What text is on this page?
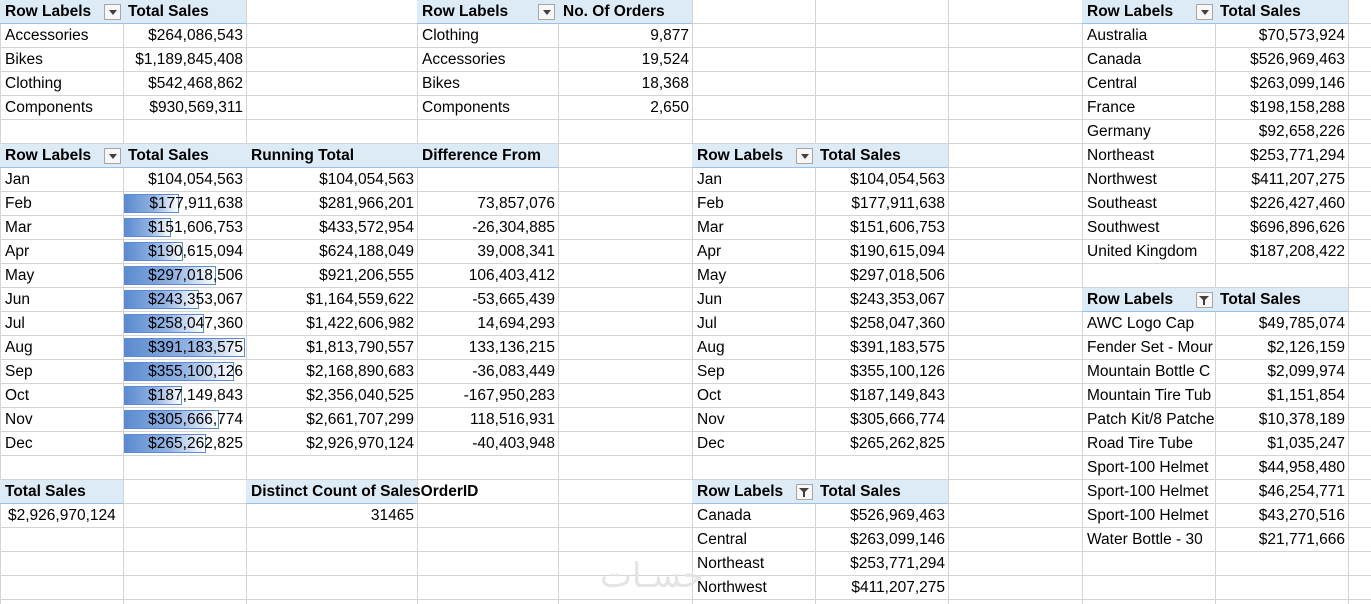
Row Labels	Total Sales
Accessories	$264,086,543
Bikes	$1,189,845,408
Clothing	$542,468,862
Components	$930,569,311
Row Labels	No. Of Orders
Clothing	9,877
Accessories	19,524
Bikes	18,368
Components	2,650
Row Labels	Total Sales	Running Total	Difference From
Jan	$104,054,563	$104,054,563
Feb	$177,911,638	$281,966,201	73,857,076
Mar	$151,606,753	$433,572,954	-26,304,885
Apr	$190,615,094	$624,188,049	39,008,341
May	$297,018,506	$921,206,555	106,403,412
Jun	$243,353,067	$1,164,559,622	-53,665,439
Jul	$258,047,360	$1,422,606,982	14,694,293
Aug	$391,183,575	$1,813,790,557	133,136,215
Sep	$355,100,126	$2,168,890,683	-36,083,449
Oct	$187,149,843	$2,356,040,525	-167,950,283
Nov	$305,666,774	$2,661,707,299	118,516,931
Dec	$265,262,825	$2,926,970,124	-40,403,948
Row Labels	Total Sales
Jan	$104,054,563
Feb	$177,911,638
Mar	$151,606,753
Apr	$190,615,094
May	$297,018,506
Jun	$243,353,067
Jul	$258,047,360
Aug	$391,183,575
Sep	$355,100,126
Oct	$187,149,843
Nov	$305,666,774
Dec	$265,262,825
Row Labels	Total Sales
Australia	$70,573,924
Canada	$526,969,463
Central	$263,099,146
France	$198,158,288
Germany	$92,658,226
Northeast	$253,771,294
Northwest	$411,207,275
Southeast	$226,427,460
Southwest	$696,896,626
United Kingdom	$187,208,422
Row Labels	Total Sales
AWC Logo Cap	$49,785,074
Fender Set - Mour	$2,126,159
Mountain Bottle C	$2,099,974
Mountain Tire Tub	$1,151,854
Patch Kit/8 Patche	$10,378,189
Road Tire Tube	$1,035,247
Sport-100 Helmet	$44,958,480
Sport-100 Helmet	$46,254,771
Sport-100 Helmet	$43,270,516
Water Bottle - 30	$21,771,666
Row Labels	Total Sales
Canada	$526,969,463
Central	$263,099,146
Northeast	$253,771,294
Northwest	$411,207,275
Total Sales
$2,926,970,124
Distinct Count of SalesOrderID
31465
حسـات
